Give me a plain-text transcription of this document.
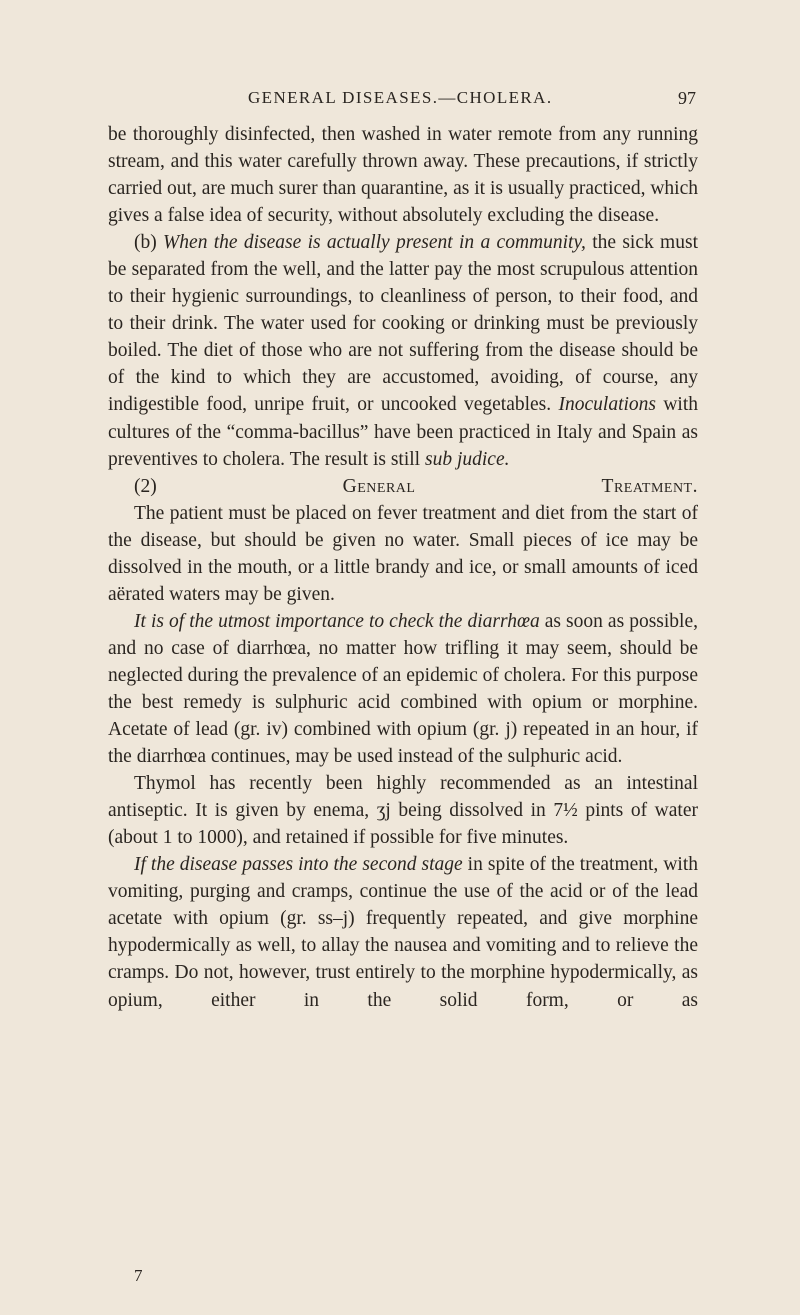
GENERAL DISEASES.—CHOLERA.	97

be thoroughly disinfected, then washed in water remote from any running stream, and this water carefully thrown away. These precautions, if strictly carried out, are much surer than quarantine, as it is usually practiced, which gives a false idea of security, without absolutely excluding the disease.

(b) When the disease is actually present in a community, the sick must be separated from the well, and the latter pay the most scrupulous attention to their hygienic surroundings, to cleanliness of person, to their food, and to their drink. The water used for cooking or drinking must be previously boiled. The diet of those who are not suffering from the disease should be of the kind to which they are accustomed, avoiding, of course, any indigestible food, unripe fruit, or uncooked vegetables. Inoculations with cultures of the “comma-bacillus” have been practiced in Italy and Spain as preventives to cholera. The result is still sub judice.

(2) General Treatment.

The patient must be placed on fever treatment and diet from the start of the disease, but should be given no water. Small pieces of ice may be dissolved in the mouth, or a little brandy and ice, or small amounts of iced aërated waters may be given.

It is of the utmost importance to check the diarrhœa as soon as possible, and no case of diarrhœa, no matter how trifling it may seem, should be neglected during the prevalence of an epidemic of cholera. For this purpose the best remedy is sulphuric acid combined with opium or morphine. Acetate of lead (gr. iv) combined with opium (gr. j) repeated in an hour, if the diarrhœa continues, may be used instead of the sulphuric acid.

Thymol has recently been highly recommended as an intestinal antiseptic. It is given by enema, ʒj being dissolved in 7½ pints of water (about 1 to 1000), and retained if possible for five minutes.

If the disease passes into the second stage in spite of the treatment, with vomiting, purging and cramps, continue the use of the acid or of the lead acetate with opium (gr. ss–j) frequently repeated, and give morphine hypodermically as well, to allay the nausea and vomiting and to relieve the cramps. Do not, however, trust entirely to the morphine hypodermically, as opium, either in the solid form, or as

7
